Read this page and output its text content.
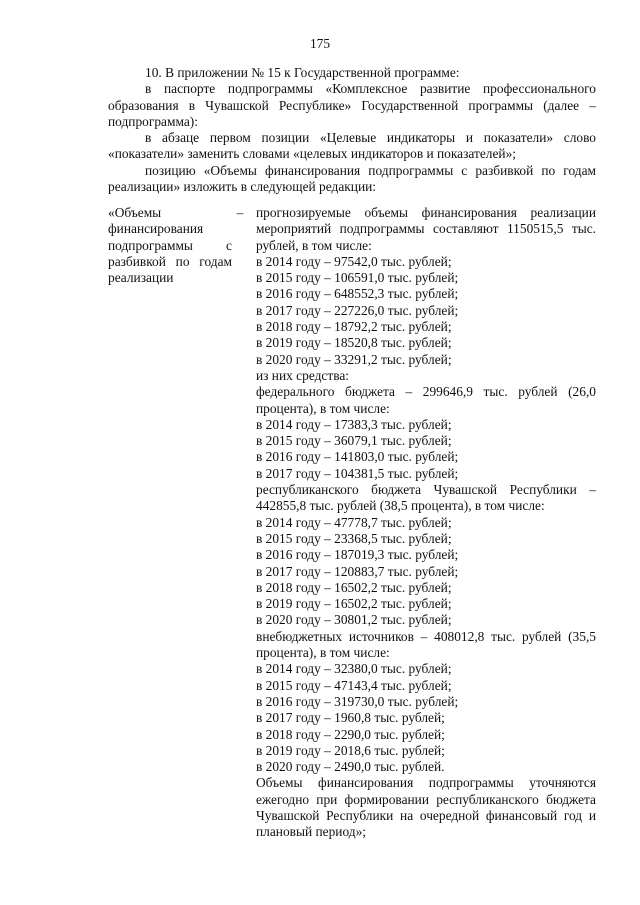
175

10. В приложении № 15 к Государственной программе:

в паспорте подпрограммы «Комплексное развитие профессионального образования в Чувашской Республике» Государственной программы (далее – подпрограмма):

в абзаце первом позиции «Целевые индикаторы и показатели» слово «показатели» заменить словами «целевых индикаторов и показателей»;

позицию «Объемы финансирования подпрограммы с разбивкой по годам реализации» изложить в следующей редакции:

«Объемы финансирования подпрограммы с разбивкой по годам реализации

– прогнозируемые объемы финансирования реализации мероприятий подпрограммы составляют 1150515,5 тыс. рублей, в том числе:

в 2014 году – 97542,0 тыс. рублей;

в 2015 году – 106591,0 тыс. рублей;

в 2016 году – 648552,3 тыс. рублей;

в 2017 году – 227226,0 тыс. рублей;

в 2018 году – 18792,2 тыс. рублей;

в 2019 году – 18520,8 тыс. рублей;

в 2020 году – 33291,2 тыс. рублей;

из них средства:

федерального бюджета – 299646,9 тыс. рублей (26,0 процента), в том числе:

в 2014 году – 17383,3 тыс. рублей;

в 2015 году – 36079,1 тыс. рублей;

в 2016 году – 141803,0 тыс. рублей;

в 2017 году – 104381,5 тыс. рублей;

республиканского бюджета Чувашской Республики – 442855,8 тыс. рублей (38,5 процента), в том числе:

в 2014 году – 47778,7 тыс. рублей;

в 2015 году – 23368,5 тыс. рублей;

в 2016 году – 187019,3 тыс. рублей;

в 2017 году – 120883,7 тыс. рублей;

в 2018 году – 16502,2 тыс. рублей;

в 2019 году – 16502,2 тыс. рублей;

в 2020 году – 30801,2 тыс. рублей;

внебюджетных источников – 408012,8 тыс. рублей (35,5 процента), в том числе:

в 2014 году – 32380,0 тыс. рублей;

в 2015 году – 47143,4 тыс. рублей;

в 2016 году – 319730,0 тыс. рублей;

в 2017 году – 1960,8 тыс. рублей;

в 2018 году – 2290,0 тыс. рублей;

в 2019 году – 2018,6 тыс. рублей;

в 2020 году – 2490,0 тыс. рублей.

Объемы финансирования подпрограммы уточняются ежегодно при формировании республиканского бюджета Чувашской Республики на очередной финансовый год и плановый период»;
